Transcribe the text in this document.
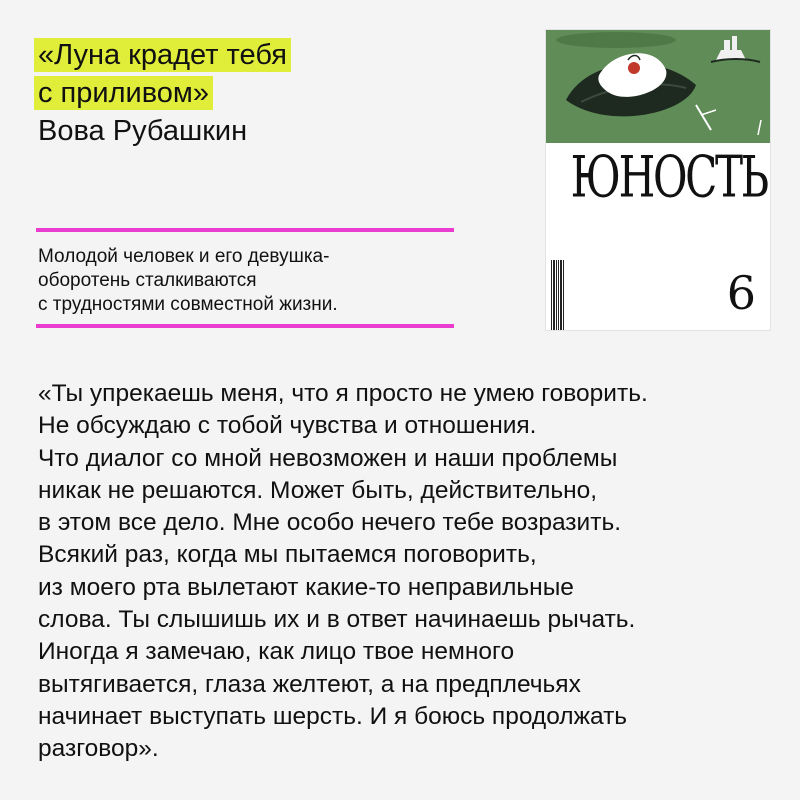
«Луна крадет тебя
с приливом»
Вова Рубашкин
Молодой человек и его девушка-
оборотень сталкиваются
с трудностями совместной жизни.
ЮНОСТЬ
6
«Ты упрекаешь меня, что я просто не умею говорить.
Не обсуждаю с тобой чувства и отношения.
Что диалог со мной невозможен и наши проблемы
никак не решаются. Может быть, действительно,
в этом все дело. Мне особо нечего тебе возразить.
Всякий раз, когда мы пытаемся поговорить,
из моего рта вылетают какие-то неправильные
слова. Ты слышишь их и в ответ начинаешь рычать.
Иногда я замечаю, как лицо твое немного
вытягивается, глаза желтеют, а на предплечьях
начинает выступать шерсть. И я боюсь продолжать
разговор».
